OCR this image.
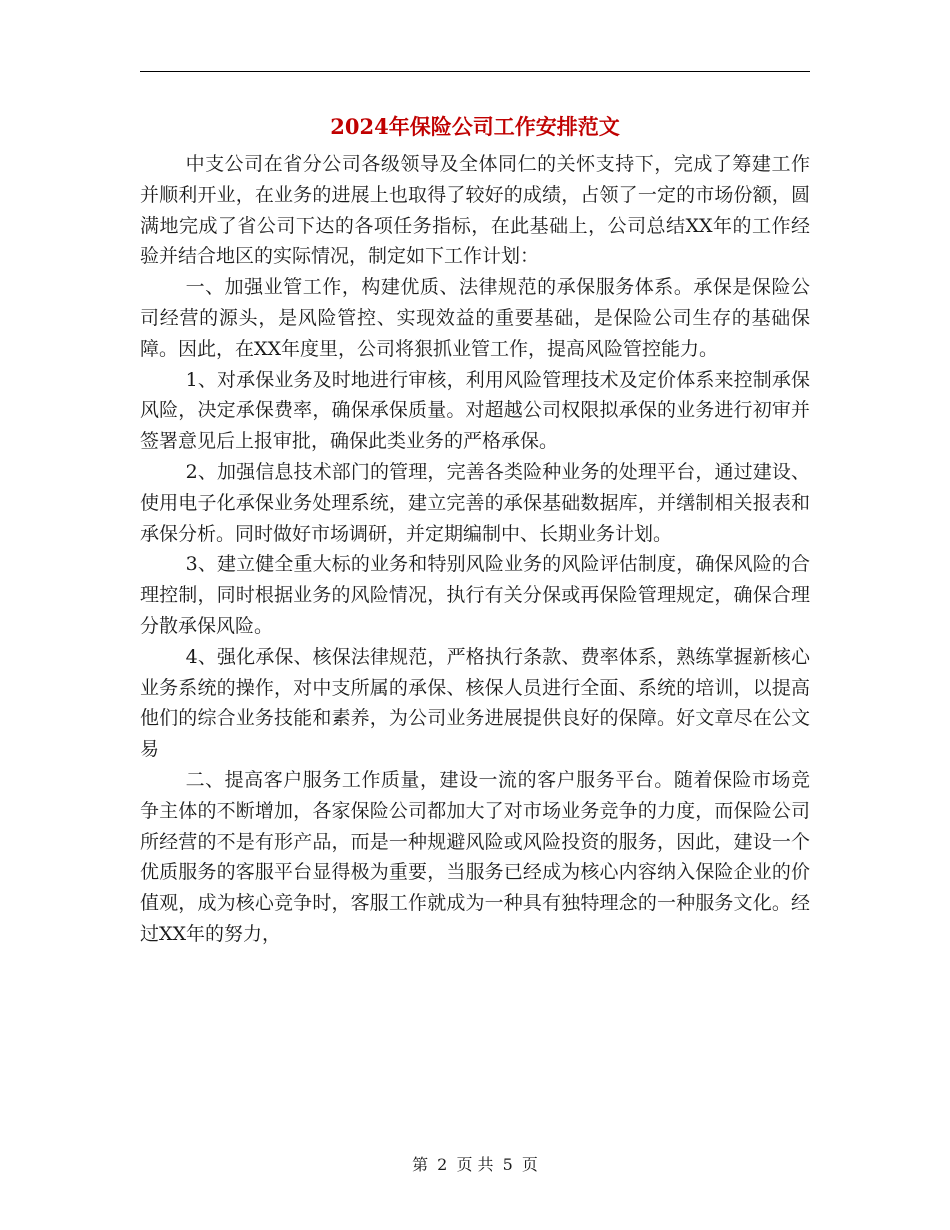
2024年保险公司工作安排范文

中支公司在省分公司各级领导及全体同仁的关怀支持下，完成了筹建工作并顺利开业，在业务的进展上也取得了较好的成绩，占领了一定的市场份额，圆满地完成了省公司下达的各项任务指标，在此基础上，公司总结XX年的工作经验并结合地区的实际情况，制定如下工作计划：

一、加强业管工作，构建优质、法律规范的承保服务体系。承保是保险公司经营的源头，是风险管控、实现效益的重要基础，是保险公司生存的基础保障。因此，在XX年度里，公司将狠抓业管工作，提高风险管控能力。

1、对承保业务及时地进行审核，利用风险管理技术及定价体系来控制承保风险，决定承保费率，确保承保质量。对超越公司权限拟承保的业务进行初审并签署意见后上报审批，确保此类业务的严格承保。

2、加强信息技术部门的管理，完善各类险种业务的处理平台，通过建设、使用电子化承保业务处理系统，建立完善的承保基础数据库，并缮制相关报表和承保分析。同时做好市场调研，并定期编制中、长期业务计划。

3、建立健全重大标的业务和特别风险业务的风险评估制度，确保风险的合理控制，同时根据业务的风险情况，执行有关分保或再保险管理规定，确保合理分散承保风险。

4、强化承保、核保法律规范，严格执行条款、费率体系，熟练掌握新核心业务系统的操作，对中支所属的承保、核保人员进行全面、系统的培训，以提高他们的综合业务技能和素养，为公司业务进展提供良好的保障。好文章尽在公文易

二、提高客户服务工作质量，建设一流的客户服务平台。随着保险市场竞争主体的不断增加，各家保险公司都加大了对市场业务竞争的力度，而保险公司所经营的不是有形产品，而是一种规避风险或风险投资的服务，因此，建设一个优质服务的客服平台显得极为重要，当服务已经成为核心内容纳入保险企业的价值观，成为核心竞争时，客服工作就成为一种具有独特理念的一种服务文化。经过XX年的努力，

第 2 页 共 5 页
